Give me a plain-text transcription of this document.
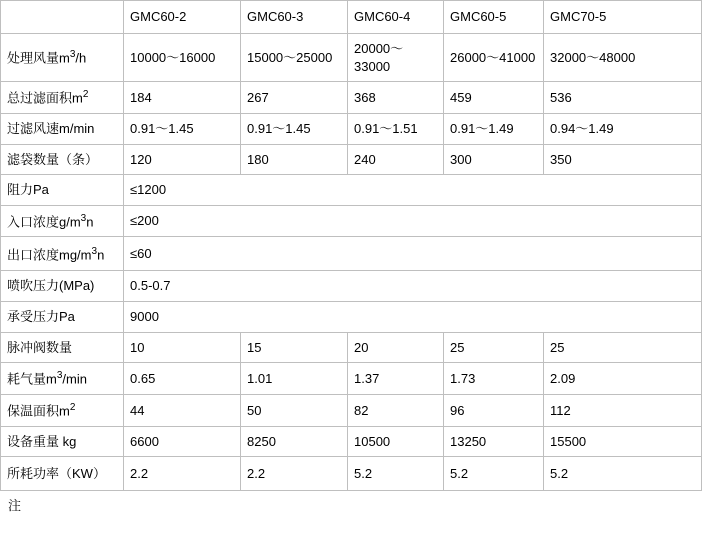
	GMC60-2	GMC60-3	GMC60-4	GMC60-5	GMC70-5
处理风量$m^3/h$	10000～16000	15000～25000	20000～33000	26000～41000	32000～48000
总过滤面积$m^2$	184	267	368	459	536
过滤风速m/min	0.91～1.45	0.91～1.45	0.91～1.51	0.91～1.49	0.94～1.49
滤袋数量（条）	120	180	240	300	350
阻力Pa	≤1200				
入口浓度$g/m^3n$	≤200				
出口浓度$mg/m^3n$	≤60				
喷吹压力(MPa)	0.5-0.7				
承受压力Pa	9000				
脉冲阀数量	10	15	20	25	25
耗气量$m^3/\min$	0.65	1.01	1.37	1.73	2.09
保温面积$m^2$	44	50	82	96	112
设备重量 kg	6600	8250	10500	13250	15500
所耗功率（KW）	2.2	2.2	5.2	5.2	5.2
注
